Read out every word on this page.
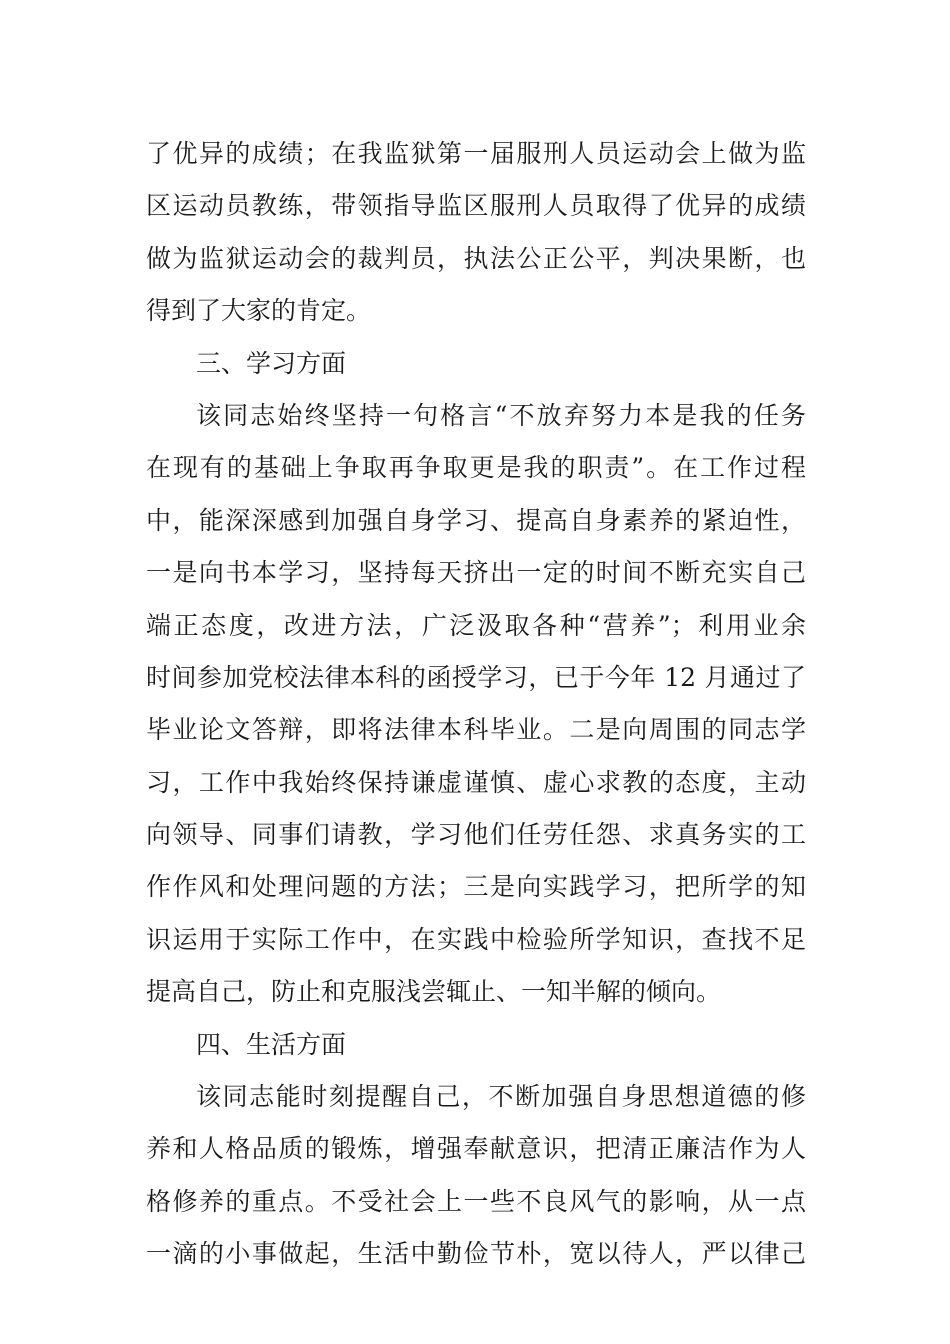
了优异的成绩；在我监狱第一届服刑人员运动会上做为监
区运动员教练，带领指导监区服刑人员取得了优异的成绩
做为监狱运动会的裁判员，执法公正公平，判决果断，也
得到了大家的肯定。
三、学习方面
该同志始终坚持一句格言“不放弃努力本是我的任务
在现有的基础上争取再争取更是我的职责”。在工作过程
中，能深深感到加强自身学习、提高自身素养的紧迫性，
一是向书本学习，坚持每天挤出一定的时间不断充实自己
端正态度，改进方法，广泛汲取各种“营养”；利用业余
时间参加党校法律本科的函授学习，已于今年 12 月通过了
毕业论文答辩，即将法律本科毕业。二是向周围的同志学
习，工作中我始终保持谦虚谨慎、虚心求教的态度，主动
向领导、同事们请教，学习他们任劳任怨、求真务实的工
作作风和处理问题的方法；三是向实践学习，把所学的知
识运用于实际工作中，在实践中检验所学知识，查找不足
提高自己，防止和克服浅尝辄止、一知半解的倾向。
四、生活方面
该同志能时刻提醒自己，不断加强自身思想道德的修
养和人格品质的锻炼，增强奉献意识，把清正廉洁作为人
格修养的重点。不受社会上一些不良风气的影响，从一点
一滴的小事做起，生活中勤俭节朴，宽以待人，严以律己
